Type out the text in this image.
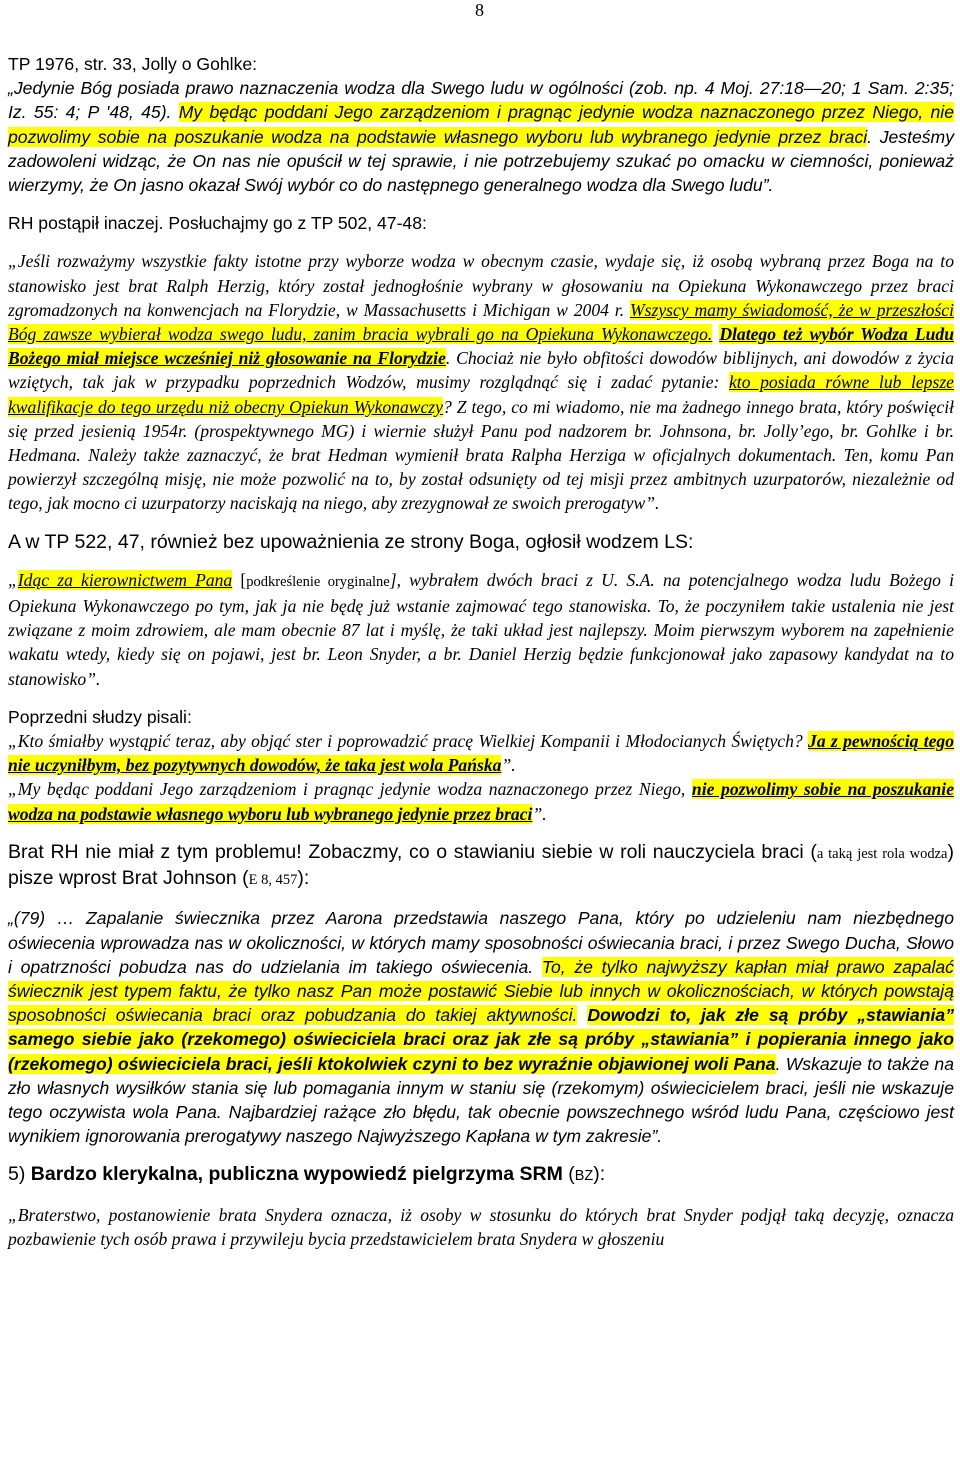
8

TP 1976, str. 33, Jolly o Gohlke:

„Jedynie Bóg posiada prawo naznaczenia wodza dla Swego ludu w ogólności (zob. np. 4 Moj. 27:18—20; 1 Sam. 2:35; Iz. 55: 4; P '48, 45). My będąc poddani Jego zarządzeniom i pragnąc jedynie wodza naznaczonego przez Niego, nie pozwolimy sobie na poszukanie wodza na podstawie własnego wyboru lub wybranego jedynie przez braci. Jesteśmy zadowoleni widząc, że On nas nie opuścił w tej sprawie, i nie potrzebujemy szukać po omacku w ciemności, ponieważ wierzymy, że On jasno okazał Swój wybór co do następnego generalnego wodza dla Swego ludu”.

RH postąpił inaczej. Posłuchajmy go z TP 502, 47-48:

„Jeśli rozważymy wszystkie fakty istotne przy wyborze wodza w obecnym czasie, wydaje się, iż osobą wybraną przez Boga na to stanowisko jest brat Ralph Herzig, który został jednogłośnie wybrany w głosowaniu na Opiekuna Wykonawczego przez braci zgromadzonych na konwencjach na Florydzie, w Massachusetts i Michigan w 2004 r. Wszyscy mamy świadomość, że w przeszłości Bóg zawsze wybierał wodza swego ludu, zanim bracia wybrali go na Opiekuna Wykonawczego. Dlatego też wybór Wodza Ludu Bożego miał miejsce wcześniej niż głosowanie na Florydzie. Chociaż nie było obfitości dowodów biblijnych, ani dowodów z życia wziętych, tak jak w przypadku poprzednich Wodzów, musimy rozglądnąć się i zadać pytanie: kto posiada równe lub lepsze kwalifikacje do tego urzędu niż obecny Opiekun Wykonawczy? Z tego, co mi wiadomo, nie ma żadnego innego brata, który poświęcił się przed jesienią 1954r. (prospektywnego MG) i wiernie służył Panu pod nadzorem br. Johnsona, br. Jolly’ego, br. Gohlke i br. Hedmana. Należy także zaznaczyć, że brat Hedman wymienił brata Ralpha Herziga w oficjalnych dokumentach. Ten, komu Pan powierzył szczególną misję, nie może pozwolić na to, by został odsunięty od tej misji przez ambitnych uzurpatorów, niezależnie od tego, jak mocno ci uzurpatorzy naciskają na niego, aby zrezygnował ze swoich prerogatyw”.

A w TP 522, 47, również bez upoważnienia ze strony Boga, ogłosił wodzem LS:

„Idąc za kierownictwem Pana [podkreślenie oryginalne], wybrałem dwóch braci z U. S.A. na potencjalnego wodza ludu Bożego i Opiekuna Wykonawczego po tym, jak ja nie będę już wstanie zajmować tego stanowiska. To, że poczyniłem takie ustalenia nie jest związane z moim zdrowiem, ale mam obecnie 87 lat i myślę, że taki układ jest najlepszy. Moim pierwszym wyborem na zapełnienie wakatu wtedy, kiedy się on pojawi, jest br. Leon Snyder, a br. Daniel Herzig będzie funkcjonował jako zapasowy kandydat na to stanowisko”.

Poprzedni słudzy pisali:

„Kto śmiałby wystąpić teraz, aby objąć ster i poprowadzić pracę Wielkiej Kompanii i Młodocianych Świętych? Ja z pewnością tego nie uczyniłbym, bez pozytywnych dowodów, że taka jest wola Pańska”.

„My będąc poddani Jego zarządzeniom i pragnąc jedynie wodza naznaczonego przez Niego, nie pozwolimy sobie na poszukanie wodza na podstawie własnego wyboru lub wybranego jedynie przez braci”.

Brat RH nie miał z tym problemu! Zobaczmy, co o stawianiu siebie w roli nauczyciela braci (a taką jest rola wodza) pisze wprost Brat Johnson (E 8, 457):

„(79) … Zapalanie świecznika przez Aarona przedstawia naszego Pana, który po udzieleniu nam niezbędnego oświecenia wprowadza nas w okoliczności, w których mamy sposobności oświecania braci, i przez Swego Ducha, Słowo i opatrzności pobudza nas do udzielania im takiego oświecenia. To, że tylko najwyższy kapłan miał prawo zapalać świecznik jest typem faktu, że tylko nasz Pan może postawić Siebie lub innych w okolicznościach, w których powstają sposobności oświecania braci oraz pobudzania do takiej aktywności. Dowodzi to, jak złe są próby „stawiania” samego siebie jako (rzekomego) oświeciciela braci oraz jak złe są próby „stawiania” i popierania innego jako (rzekomego) oświeciciela braci, jeśli ktokolwiek czyni to bez wyraźnie objawionej woli Pana. Wskazuje to także na zło własnych wysiłków stania się lub pomagania innym w staniu się (rzekomym) oświecicielem braci, jeśli nie wskazuje tego oczywista wola Pana. Najbardziej rażące zło błędu, tak obecnie powszechnego wśród ludu Pana, częściowo jest wynikiem ignorowania prerogatywy naszego Najwyższego Kapłana w tym zakresie”.

5) Bardzo klerykalna, publiczna wypowiedź pielgrzyma SRM (BZ):

„Braterstwo, postanowienie brata Snydera oznacza, iż osoby w stosunku do których brat Snyder podjął taką decyzję, oznacza pozbawienie tych osób prawa i przywileju bycia przedstawicielem brata Snydera w głoszeniu
